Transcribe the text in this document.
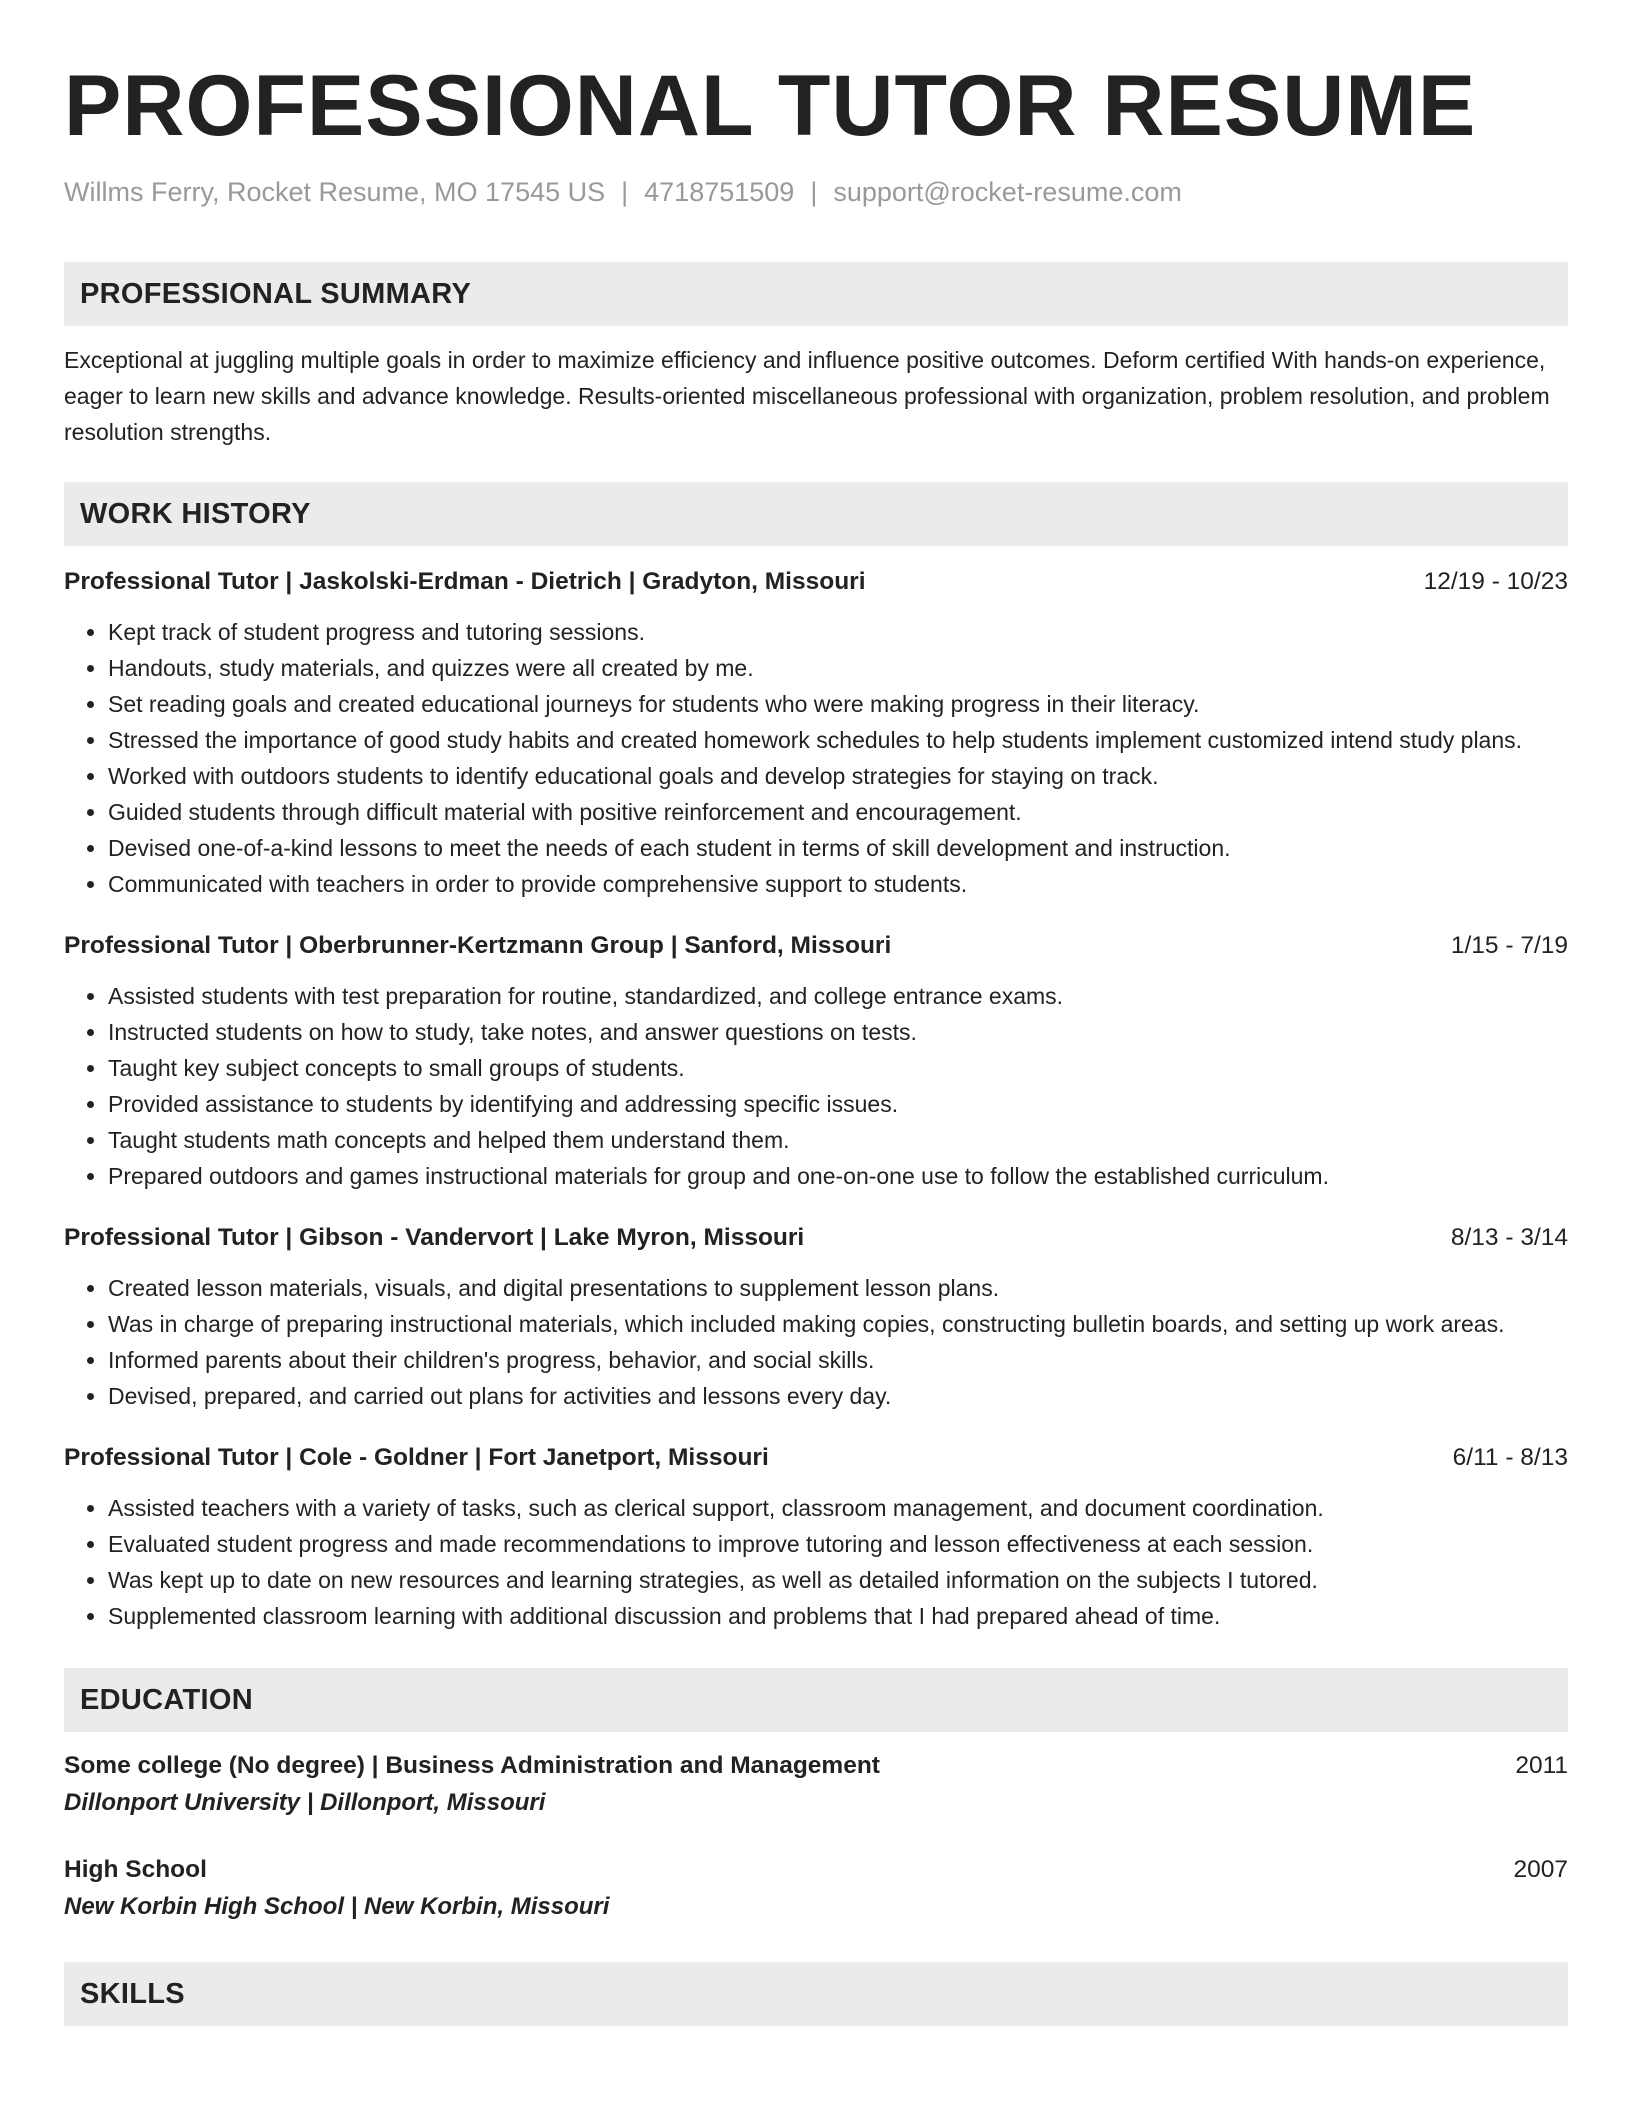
PROFESSIONAL TUTOR RESUME
Willms Ferry, Rocket Resume, MO 17545 US | 4718751509 | support@rocket-resume.com
PROFESSIONAL SUMMARY

Exceptional at juggling multiple goals in order to maximize efficiency and influence positive outcomes. Deform certified With hands-on experience, eager to learn new skills and advance knowledge. Results-oriented miscellaneous professional with organization, problem resolution, and problem resolution strengths.

WORK HISTORY
Professional Tutor | Jaskolski-Erdman - Dietrich | Gradyton, Missouri	12/19 - 10/23
• Kept track of student progress and tutoring sessions.
• Handouts, study materials, and quizzes were all created by me.
• Set reading goals and created educational journeys for students who were making progress in their literacy.
• Stressed the importance of good study habits and created homework schedules to help students implement customized intend study plans.
• Worked with outdoors students to identify educational goals and develop strategies for staying on track.
• Guided students through difficult material with positive reinforcement and encouragement.
• Devised one-of-a-kind lessons to meet the needs of each student in terms of skill development and instruction.
• Communicated with teachers in order to provide comprehensive support to students.
Professional Tutor | Oberbrunner-Kertzmann Group | Sanford, Missouri	1/15 - 7/19
• Assisted students with test preparation for routine, standardized, and college entrance exams.
• Instructed students on how to study, take notes, and answer questions on tests.
• Taught key subject concepts to small groups of students.
• Provided assistance to students by identifying and addressing specific issues.
• Taught students math concepts and helped them understand them.
• Prepared outdoors and games instructional materials for group and one-on-one use to follow the established curriculum.
Professional Tutor | Gibson - Vandervort | Lake Myron, Missouri	8/13 - 3/14
• Created lesson materials, visuals, and digital presentations to supplement lesson plans.
• Was in charge of preparing instructional materials, which included making copies, constructing bulletin boards, and setting up work areas.
• Informed parents about their children's progress, behavior, and social skills.
• Devised, prepared, and carried out plans for activities and lessons every day.
Professional Tutor | Cole - Goldner | Fort Janetport, Missouri	6/11 - 8/13
• Assisted teachers with a variety of tasks, such as clerical support, classroom management, and document coordination.
• Evaluated student progress and made recommendations to improve tutoring and lesson effectiveness at each session.
• Was kept up to date on new resources and learning strategies, as well as detailed information on the subjects I tutored.
• Supplemented classroom learning with additional discussion and problems that I had prepared ahead of time.
EDUCATION
Some college (No degree) | Business Administration and Management	2011
Dillonport University | Dillonport, Missouri
High School	2007
New Korbin High School | New Korbin, Missouri
SKILLS
